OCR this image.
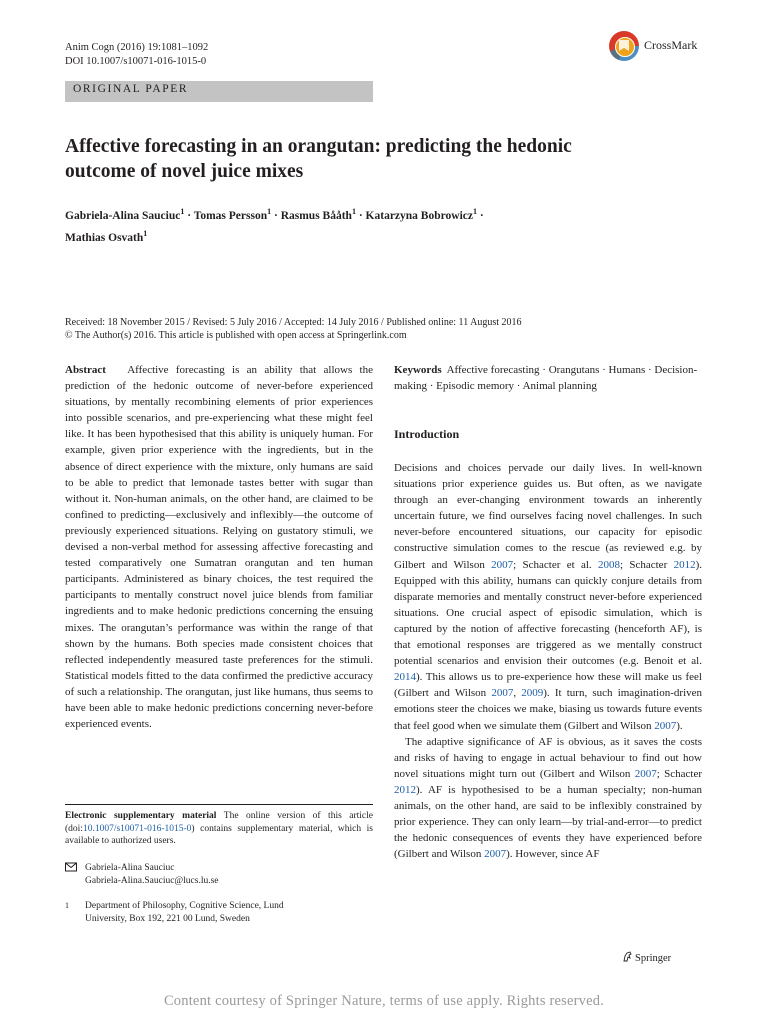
Anim Cogn (2016) 19:1081–1092
DOI 10.1007/s10071-016-1015-0
CrossMark
ORIGINAL PAPER
Affective forecasting in an orangutan: predicting the hedonic
outcome of novel juice mixes
Gabriela-Alina Sauciuc$^1$ · Tomas Persson$^1$ · Rasmus Bååth$^1$ · Katarzyna Bobrowicz$^1$ ·
Mathias Osvath$^1$
Received: 18 November 2015 / Revised: 5 July 2016 / Accepted: 14 July 2016 / Published online: 11 August 2016
© The Author(s) 2016. This article is published with open access at Springerlink.com
Abstract Affective forecasting is an ability that allows the prediction of the hedonic outcome of never-before experienced situations, by mentally recombining elements of prior experiences into possible scenarios, and pre-experiencing what these might feel like. It has been hypothesised that this ability is uniquely human. For example, given prior experience with the ingredients, but in the absence of direct experience with the mixture, only humans are said to be able to predict that lemonade tastes better with sugar than without it. Non-human animals, on the other hand, are claimed to be confined to predicting—exclusively and inflexibly—the outcome of previously experienced situations. Relying on gustatory stimuli, we devised a non-verbal method for assessing affective forecasting and tested comparatively one Sumatran orangutan and ten human participants. Administered as binary choices, the test required the participants to mentally construct novel juice blends from familiar ingredients and to make hedonic predictions concerning the ensuing mixes. The orangutan’s performance was within the range of that shown by the humans. Both species made consistent choices that reflected independently measured taste preferences for the stimuli. Statistical models fitted to the data confirmed the predictive accuracy of such a relationship. The orangutan, just like humans, thus seems to have been able to make hedonic predictions concerning never-before experienced events.
Electronic supplementary material The online version of this article (doi:10.1007/s10071-016-1015-0) contains supplementary material, which is available to authorized users.
Gabriela-Alina Sauciuc
Gabriela-Alina.Sauciuc@lucs.lu.se
1 Department of Philosophy, Cognitive Science, Lund
University, Box 192, 221 00 Lund, Sweden
Keywords Affective forecasting · Orangutans · Humans · Decision-making · Episodic memory · Animal planning
Introduction

Decisions and choices pervade our daily lives. In well-known situations prior experience guides us. But often, as we navigate through an ever-changing environment towards an inherently uncertain future, we find ourselves facing novel challenges. In such never-before encountered situations, our capacity for episodic constructive simulation comes to the rescue (as reviewed e.g. by Gilbert and Wilson 2007; Schacter et al. 2008; Schacter 2012). Equipped with this ability, humans can quickly conjure details from disparate memories and mentally construct never-before experienced situations. One crucial aspect of episodic simulation, which is captured by the notion of affective forecasting (henceforth AF), is that emotional responses are triggered as we mentally construct potential scenarios and envision their outcomes (e.g. Benoit et al. 2014). This allows us to pre-experience how these will make us feel (Gilbert and Wilson 2007, 2009). It turn, such imagination-driven emotions steer the choices we make, biasing us towards future events that feel good when we simulate them (Gilbert and Wilson 2007).

The adaptive significance of AF is obvious, as it saves the costs and risks of having to engage in actual behaviour to find out how novel situations might turn out (Gilbert and Wilson 2007; Schacter 2012). AF is hypothesised to be a human specialty; non-human animals, on the other hand, are said to be inflexibly constrained by prior experience. They can only learn—by trial-and-error—to predict the hedonic consequences of events they have experienced before (Gilbert and Wilson 2007). However, since AF

Springer
Content courtesy of Springer Nature, terms of use apply. Rights reserved.
